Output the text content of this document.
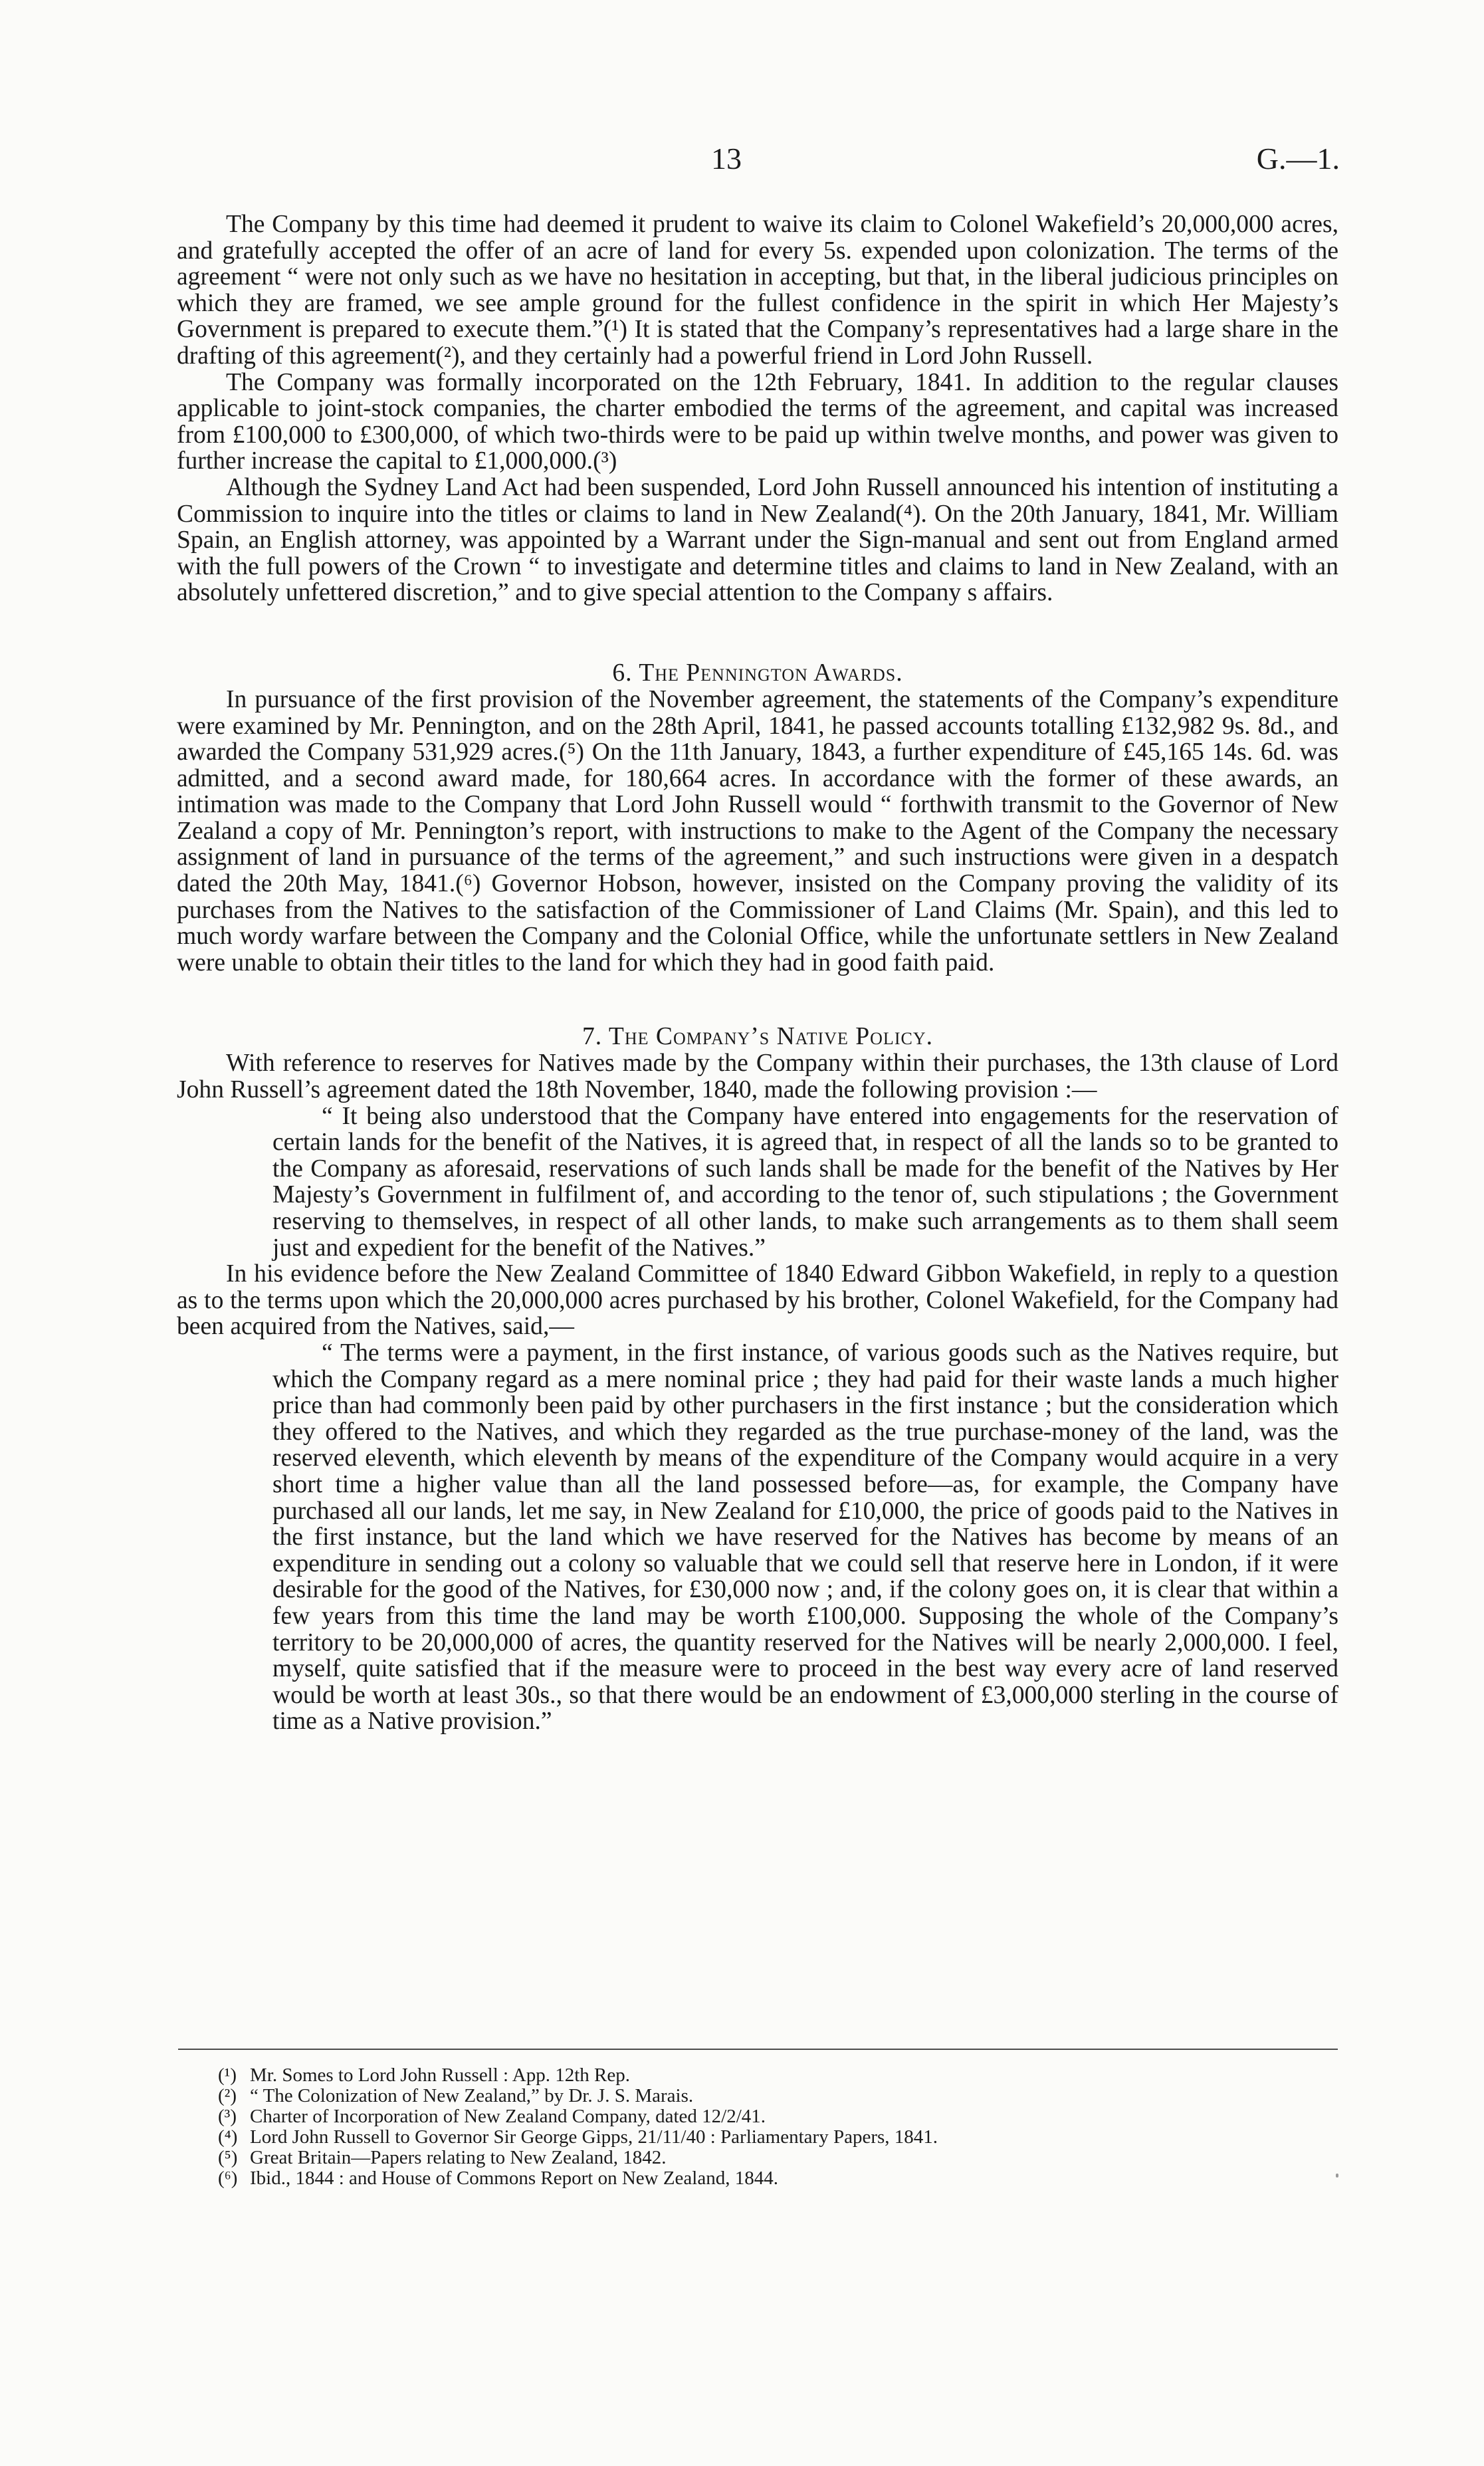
13	G.—1.

The Company by this time had deemed it prudent to waive its claim to Colonel Wakefield’s 20,000,000 acres, and gratefully accepted the offer of an acre of land for every 5s. expended upon colonization. The terms of the agreement “ were not only such as we have no hesitation in accepting, but that, in the liberal judicious principles on which they are framed, we see ample ground for the fullest confidence in the spirit in which Her Majesty’s Government is prepared to execute them.”(¹) It is stated that the Company’s representatives had a large share in the drafting of this agreement(²), and they certainly had a powerful friend in Lord John Russell.

The Company was formally incorporated on the 12th February, 1841. In addition to the regular clauses applicable to joint-stock companies, the charter embodied the terms of the agreement, and capital was increased from £100,000 to £300,000, of which two-thirds were to be paid up within twelve months, and power was given to further increase the capital to £1,000,000.(³)

Although the Sydney Land Act had been suspended, Lord John Russell announced his intention of instituting a Commission to inquire into the titles or claims to land in New Zealand(⁴). On the 20th January, 1841, Mr. William Spain, an English attorney, was appointed by a Warrant under the Sign-manual and sent out from England armed with the full powers of the Crown “ to investigate and determine titles and claims to land in New Zealand, with an absolutely unfettered discretion,” and to give special attention to the Company s affairs.

6. The Pennington Awards.

In pursuance of the first provision of the November agreement, the statements of the Company’s expenditure were examined by Mr. Pennington, and on the 28th April, 1841, he passed accounts totalling £132,982 9s. 8d., and awarded the Company 531,929 acres.(⁵) On the 11th January, 1843, a further expenditure of £45,165 14s. 6d. was admitted, and a second award made, for 180,664 acres. In accordance with the former of these awards, an intimation was made to the Company that Lord John Russell would “ forthwith transmit to the Governor of New Zealand a copy of Mr. Pennington’s report, with instructions to make to the Agent of the Company the necessary assignment of land in pursuance of the terms of the agreement,” and such instructions were given in a despatch dated the 20th May, 1841.(⁶) Governor Hobson, however, insisted on the Company proving the validity of its purchases from the Natives to the satisfaction of the Commissioner of Land Claims (Mr. Spain), and this led to much wordy warfare between the Company and the Colonial Office, while the unfortunate settlers in New Zealand were unable to obtain their titles to the land for which they had in good faith paid.

7. The Company’s Native Policy.

With reference to reserves for Natives made by the Company within their purchases, the 13th clause of Lord John Russell’s agreement dated the 18th November, 1840, made the following provision :—

“ It being also understood that the Company have entered into engagements for the reservation of certain lands for the benefit of the Natives, it is agreed that, in respect of all the lands so to be granted to the Company as aforesaid, reservations of such lands shall be made for the benefit of the Natives by Her Majesty’s Government in fulfilment of, and according to the tenor of, such stipulations ; the Government reserving to themselves, in respect of all other lands, to make such arrangements as to them shall seem just and expedient for the benefit of the Natives.”

In his evidence before the New Zealand Committee of 1840 Edward Gibbon Wakefield, in reply to a question as to the terms upon which the 20,000,000 acres purchased by his brother, Colonel Wakefield, for the Company had been acquired from the Natives, said,—

“ The terms were a payment, in the first instance, of various goods such as the Natives require, but which the Company regard as a mere nominal price ; they had paid for their waste lands a much higher price than had commonly been paid by other purchasers in the first instance ; but the consideration which they offered to the Natives, and which they regarded as the true purchase-money of the land, was the reserved eleventh, which eleventh by means of the expenditure of the Company would acquire in a very short time a higher value than all the land possessed before—as, for example, the Company have purchased all our lands, let me say, in New Zealand for £10,000, the price of goods paid to the Natives in the first instance, but the land which we have reserved for the Natives has become by means of an expenditure in sending out a colony so valuable that we could sell that reserve here in London, if it were desirable for the good of the Natives, for £30,000 now ; and, if the colony goes on, it is clear that within a few years from this time the land may be worth £100,000. Supposing the whole of the Company’s territory to be 20,000,000 of acres, the quantity reserved for the Natives will be nearly 2,000,000. I feel, myself, quite satisfied that if the measure were to proceed in the best way every acre of land reserved would be worth at least 30s., so that there would be an endowment of £3,000,000 sterling in the course of time as a Native provision.”
(¹) Mr. Somes to Lord John Russell : App. 12th Rep.
(²) “ The Colonization of New Zealand,” by Dr. J. S. Marais.
(³) Charter of Incorporation of New Zealand Company, dated 12/2/41.
(⁴) Lord John Russell to Governor Sir George Gipps, 21/11/40 : Parliamentary Papers, 1841.
(⁵) Great Britain—Papers relating to New Zealand, 1842.
(⁶) Ibid., 1844 : and House of Commons Report on New Zealand, 1844.
